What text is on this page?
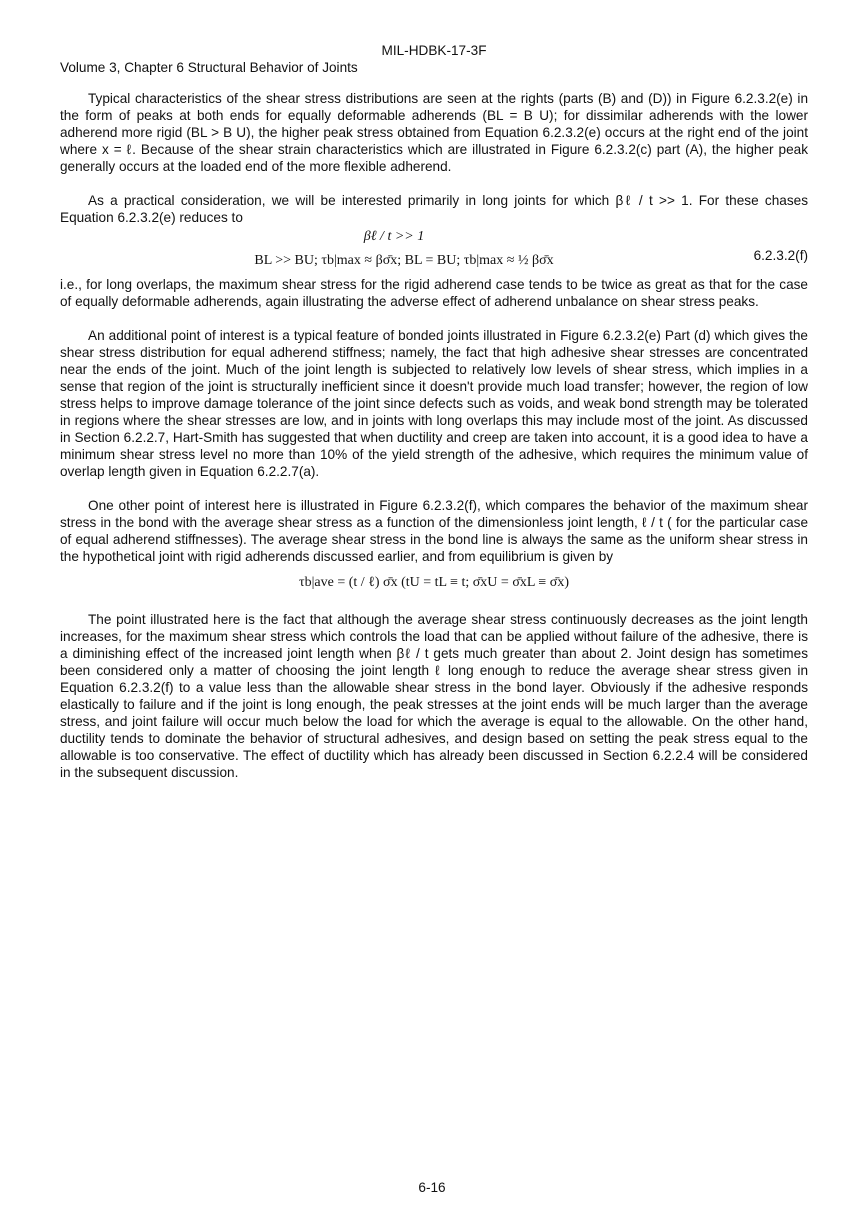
MIL-HDBK-17-3F
Volume 3, Chapter 6 Structural Behavior of Joints

Typical characteristics of the shear stress distributions are seen at the rights (parts (B) and (D)) in Figure 6.2.3.2(e) in the form of peaks at both ends for equally deformable adherends (BL = B U); for dissimilar adherends with the lower adherend more rigid (BL > B U), the higher peak stress obtained from Equation 6.2.3.2(e) occurs at the right end of the joint where x = ℓ. Because of the shear strain characteristics which are illustrated in Figure 6.2.3.2(c) part (A), the higher peak generally occurs at the loaded end of the more flexible adherend.

As a practical consideration, we will be interested primarily in long joints for which βℓ / t >> 1. For these chases Equation 6.2.3.2(e) reduces to

βℓ / t >> 1
BL >> BU; τb|max ≈ βσ̄x; BL = BU; τb|max ≈ ½ βσ̄x	6.2.3.2(f)

i.e., for long overlaps, the maximum shear stress for the rigid adherend case tends to be twice as great as that for the case of equally deformable adherends, again illustrating the adverse effect of adherend unbalance on shear stress peaks.

An additional point of interest is a typical feature of bonded joints illustrated in Figure 6.2.3.2(e) Part (d) which gives the shear stress distribution for equal adherend stiffness; namely, the fact that high adhesive shear stresses are concentrated near the ends of the joint. Much of the joint length is subjected to relatively low levels of shear stress, which implies in a sense that region of the joint is structurally inefficient since it doesn't provide much load transfer; however, the region of low stress helps to improve damage tolerance of the joint since defects such as voids, and weak bond strength may be tolerated in regions where the shear stresses are low, and in joints with long overlaps this may include most of the joint. As discussed in Section 6.2.2.7, Hart-Smith has suggested that when ductility and creep are taken into account, it is a good idea to have a minimum shear stress level no more than 10% of the yield strength of the adhesive, which requires the minimum value of overlap length given in Equation 6.2.2.7(a).

One other point of interest here is illustrated in Figure 6.2.3.2(f), which compares the behavior of the maximum shear stress in the bond with the average shear stress as a function of the dimensionless joint length, ℓ / t ( for the particular case of equal adherend stiffnesses). The average shear stress in the bond line is always the same as the uniform shear stress in the hypothetical joint with rigid adherends discussed earlier, and from equilibrium is given by

τb|ave = (t / ℓ) σ̄x (tU = tL ≡ t; σ̄xU = σ̄xL ≡ σ̄x)

The point illustrated here is the fact that although the average shear stress continuously decreases as the joint length increases, for the maximum shear stress which controls the load that can be applied without failure of the adhesive, there is a diminishing effect of the increased joint length when βℓ / t gets much greater than about 2. Joint design has sometimes been considered only a matter of choosing the joint length ℓ long enough to reduce the average shear stress given in Equation 6.2.3.2(f) to a value less than the allowable shear stress in the bond layer. Obviously if the adhesive responds elastically to failure and if the joint is long enough, the peak stresses at the joint ends will be much larger than the average stress, and joint failure will occur much below the load for which the average is equal to the allowable. On the other hand, ductility tends to dominate the behavior of structural adhesives, and design based on setting the peak stress equal to the allowable is too conservative. The effect of ductility which has already been discussed in Section 6.2.2.4 will be considered in the subsequent discussion.

6-16
